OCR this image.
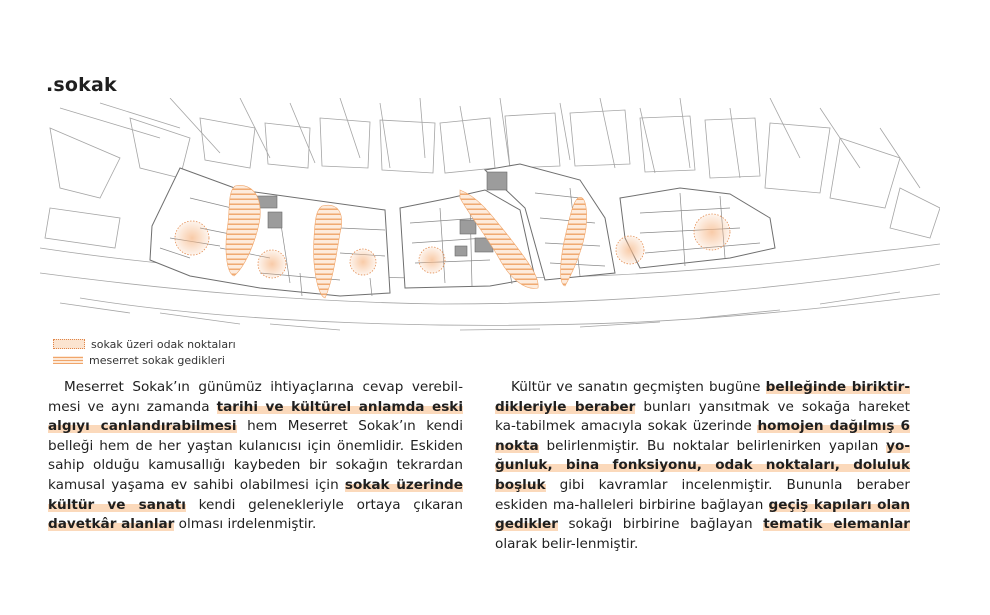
.sokak
sokak üzeri odak noktaları
meserret sokak gedikleri

Meserret Sokak’ın günümüz ihtiyaçlarına cevap verebil-mesi ve aynı zamanda tarihi ve kültürel anlamda eski algıyı canlandırabilmesi hem Meserret Sokak’ın kendi belleği hem de her yaştan kulanıcısı için önemlidir. Eskiden sahip olduğu kamusallığı kaybeden bir sokağın tekrardan kamusal yaşama ev sahibi olabilmesi için sokak üzerinde kültür ve sanatı kendi gelenekleriyle ortaya çıkaran davetkâr alanlar olması irdelenmiştir.

Kültür ve sanatın geçmişten bugüne belleğinde biriktir-dikleriyle beraber bunları yansıtmak ve sokağa hareket ka-tabilmek amacıyla sokak üzerinde homojen dağılmış 6 nokta belirlenmiştir. Bu noktalar belirlenirken yapılan yo-ğunluk, bina fonksiyonu, odak noktaları, doluluk boşluk gibi kavramlar incelenmiştir. Bununla beraber eskiden ma-halleleri birbirine bağlayan geçiş kapıları olan gedikler sokağı birbirine bağlayan tematik elemanlar olarak belir-lenmiştir.
